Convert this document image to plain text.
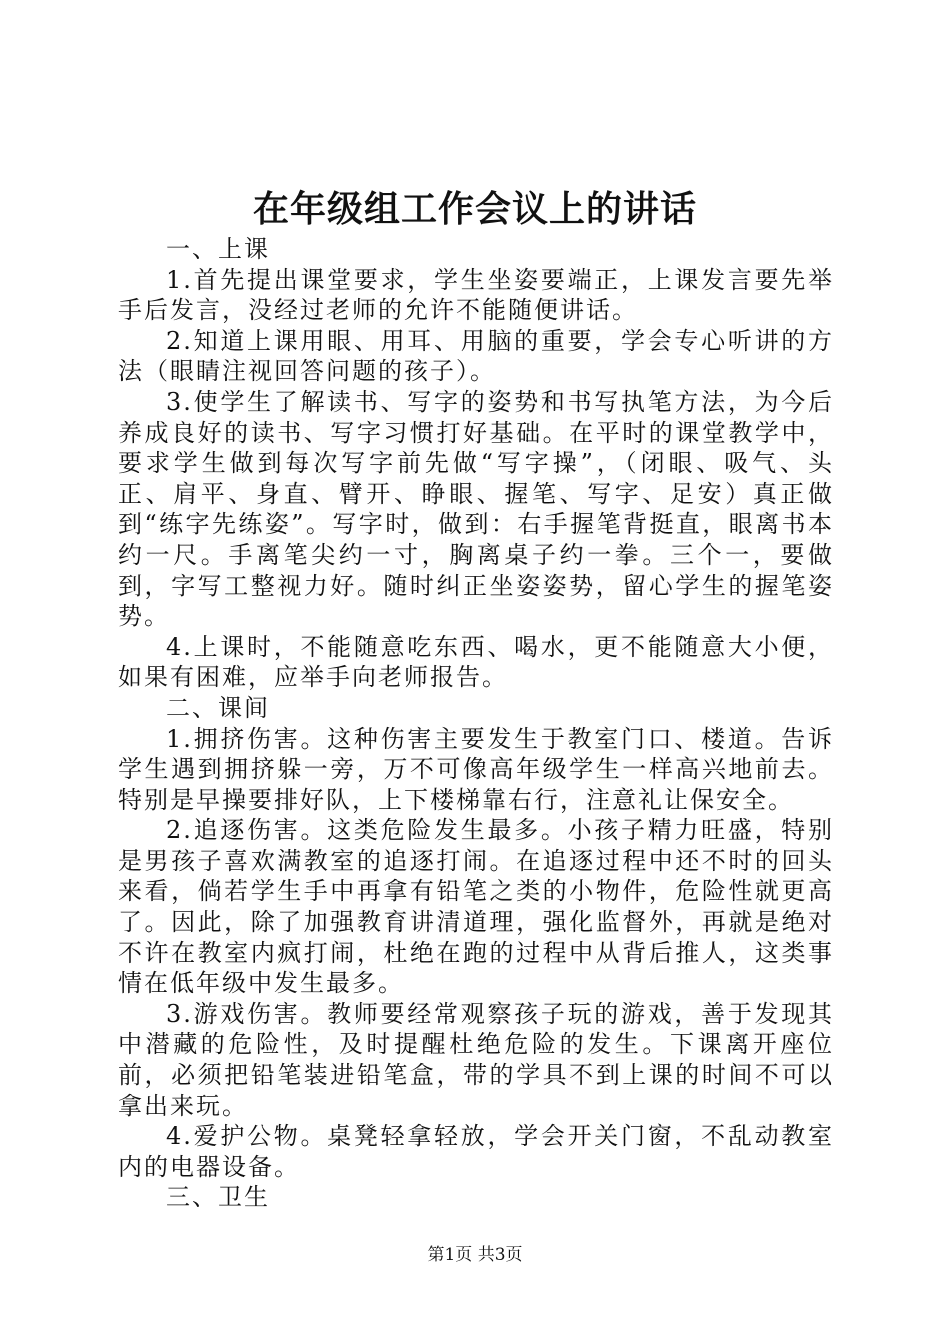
在年级组工作会议上的讲话

一、上课

1.首先提出课堂要求，学生坐姿要端正，上课发言要先举手后发言，没经过老师的允许不能随便讲话。

2.知道上课用眼、用耳、用脑的重要，学会专心听讲的方法（眼睛注视回答问题的孩子）。

3.使学生了解读书、写字的姿势和书写执笔方法，为今后养成良好的读书、写字习惯打好基础。在平时的课堂教学中，要求学生做到每次写字前先做“写字操”，（闭眼、吸气、头正、肩平、身直、臂开、睁眼、握笔、写字、足安）真正做到“练字先练姿”。写字时，做到：右手握笔背挺直，眼离书本约一尺。手离笔尖约一寸，胸离桌子约一拳。三个一，要做到，字写工整视力好。随时纠正坐姿姿势，留心学生的握笔姿势。

4.上课时，不能随意吃东西、喝水，更不能随意大小便，如果有困难，应举手向老师报告。

二、课间

1.拥挤伤害。这种伤害主要发生于教室门口、楼道。告诉学生遇到拥挤躲一旁，万不可像高年级学生一样高兴地前去。特别是早操要排好队，上下楼梯靠右行，注意礼让保安全。

2.追逐伤害。这类危险发生最多。小孩子精力旺盛，特别是男孩子喜欢满教室的追逐打闹。在追逐过程中还不时的回头来看，倘若学生手中再拿有铅笔之类的小物件，危险性就更高了。因此，除了加强教育讲清道理，强化监督外，再就是绝对不许在教室内疯打闹，杜绝在跑的过程中从背后推人，这类事情在低年级中发生最多。

3.游戏伤害。教师要经常观察孩子玩的游戏，善于发现其中潜藏的危险性，及时提醒杜绝危险的发生。下课离开座位前，必须把铅笔装进铅笔盒，带的学具不到上课的时间不可以拿出来玩。

4.爱护公物。桌凳轻拿轻放，学会开关门窗，不乱动教室内的电器设备。

三、卫生

第1页 共3页
